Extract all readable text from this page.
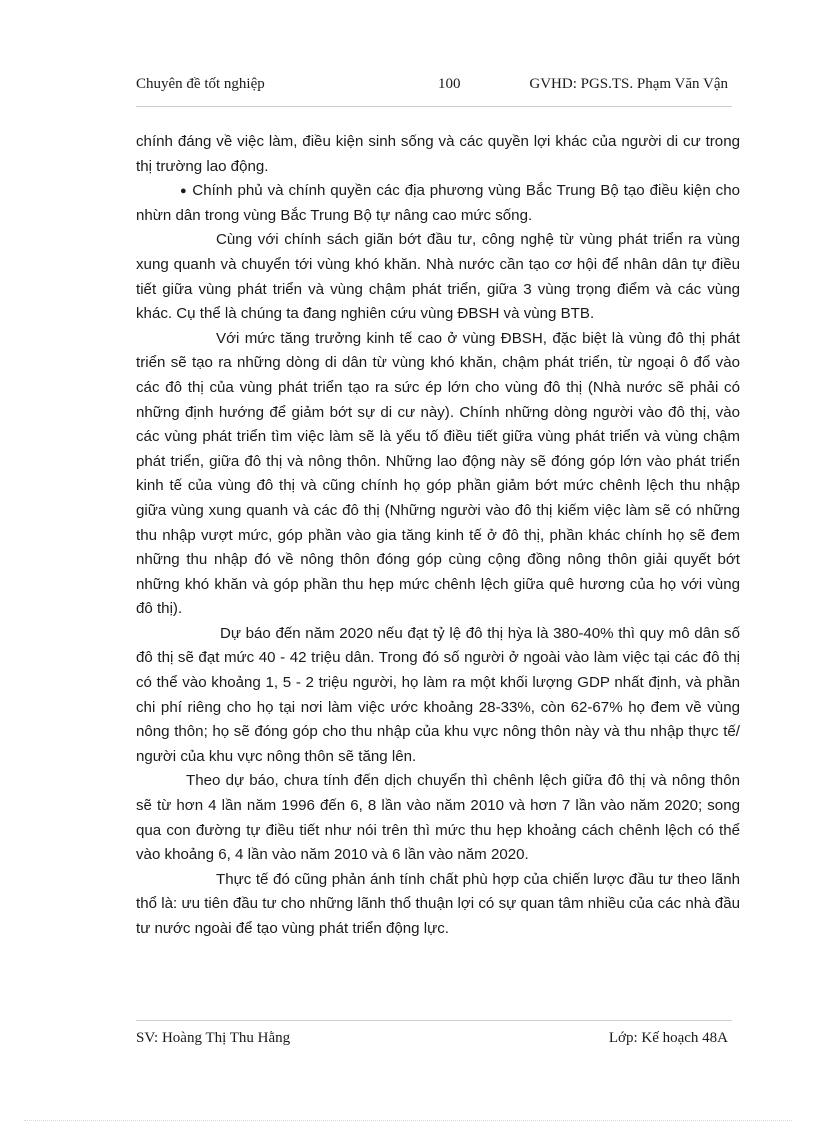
Chuyên đề tốt nghiệp	100	GVHD: PGS.TS. Phạm Văn Vận

chính đáng về việc làm, điều kiện sinh sống và các quyền lợi khác của người di cư trong thị trường lao động.

● Chính phủ và chính quyền các địa phương vùng Bắc Trung Bộ tạo điều kiện cho nhừn dân trong vùng Bắc Trung Bộ tự nâng cao mức sống.

Cùng với chính sách giãn bớt đầu tư, công nghệ từ vùng phát triển ra vùng xung quanh và chuyển tới vùng khó khăn. Nhà nước cần tạo cơ hội để nhân dân tự điều tiết giữa vùng phát triển và vùng chậm phát triển, giữa 3 vùng trọng điểm và các vùng khác. Cụ thể là chúng ta đang nghiên cứu vùng ĐBSH và vùng BTB.

Với mức tăng trưởng kinh tế cao ở vùng ĐBSH, đặc biệt là vùng đô thị phát triển sẽ tạo ra những dòng di dân từ vùng khó khăn, chậm phát triển, từ ngoại ô đổ vào các đô thị của vùng phát triển tạo ra sức ép lớn cho vùng đô thị (Nhà nước sẽ phải có những định hướng để giảm bớt sự di cư này). Chính những dòng người vào đô thị, vào các vùng phát triển tìm việc làm sẽ là yếu tố điều tiết giữa vùng phát triển và vùng chậm phát triển, giữa đô thị và nông thôn. Những lao động này sẽ đóng góp lớn vào phát triển kinh tế của vùng đô thị và cũng chính họ góp phần giảm bớt mức chênh lệch thu nhập giữa vùng xung quanh và các đô thị (Những người vào đô thị kiếm việc làm sẽ có những thu nhập vượt mức, góp phần vào gia tăng kinh tế ở đô thị, phần khác chính họ sẽ đem những thu nhập đó về nông thôn đóng góp cùng cộng đồng nông thôn giải quyết bớt những khó khăn và góp phần thu hẹp mức chênh lệch giữa quê hương của họ với vùng đô thị).

Dự báo đến năm 2020 nếu đạt tỷ lệ đô thị hỳa là 380-40% thì quy mô dân số đô thị sẽ đạt mức 40 - 42 triệu dân. Trong đó số người ở ngoài vào làm việc tại các đô thị có thể vào khoảng 1, 5 - 2 triệu người, họ làm ra một khối lượng GDP nhất định, và phần chi phí riêng cho họ tại nơi làm việc ước khoảng 28-33%, còn 62-67% họ đem về vùng nông thôn; họ sẽ đóng góp cho thu nhập của khu vực nông thôn này và thu nhập thực tế/ người của khu vực nông thôn sẽ tăng lên.

Theo dự báo, chưa tính đến dịch chuyển thì chênh lệch giữa đô thị và nông thôn sẽ từ hơn 4 lần năm 1996 đến 6, 8 lần vào năm 2010 và hơn 7 lần vào năm 2020; song qua con đường tự điều tiết như nói trên thì mức thu hẹp khoảng cách chênh lệch có thể vào khoảng 6, 4 lần vào năm 2010 và 6 lần vào năm 2020.

Thực tế đó cũng phản ánh tính chất phù hợp của chiến lược đầu tư theo lãnh thổ là: ưu tiên đầu tư cho những lãnh thổ thuận lợi có sự quan tâm nhiều của các nhà đầu tư nước ngoài để tạo vùng phát triển động lực.

SV: Hoàng Thị Thu Hằng	Lớp: Kế hoạch 48A
